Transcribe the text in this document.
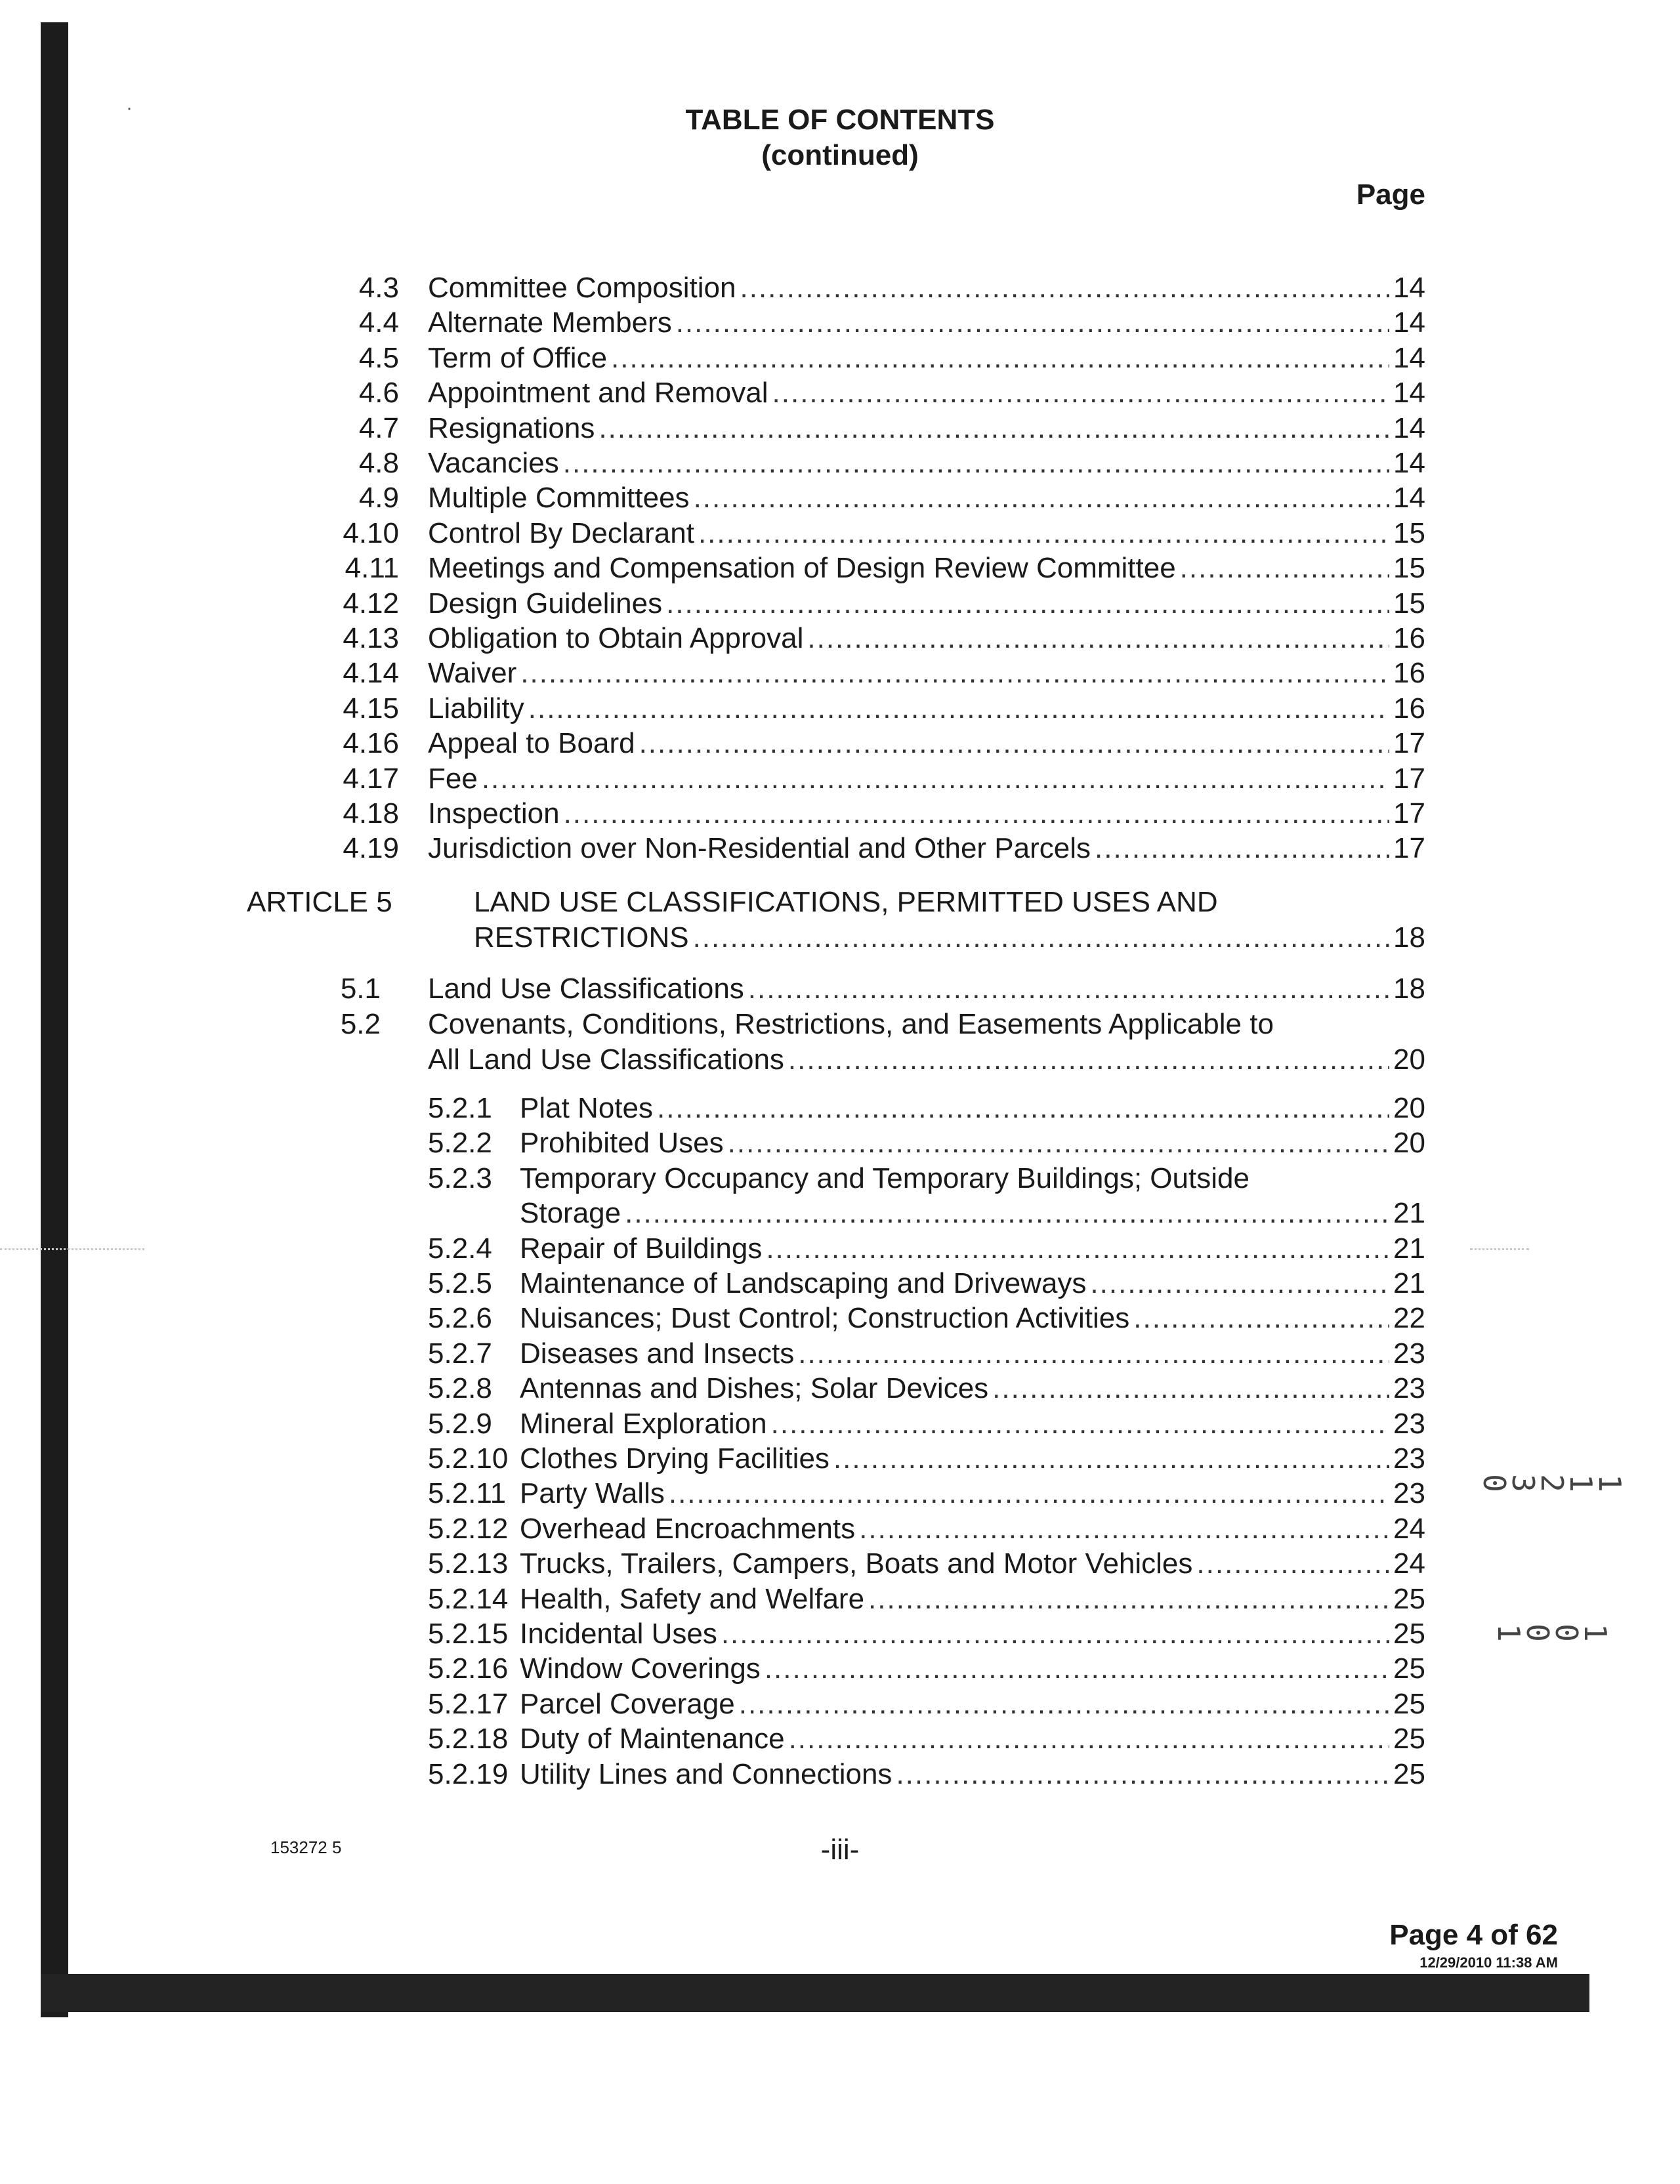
·	TABLE OF CONTENTS
(continued)
Page
4.3 Committee Composition .....	14
4.4 Alternate Members .....	14
4.5 Term of Office .....	14
4.6 Appointment and Removal .....	14
4.7 Resignations .....	14
4.8 Vacancies .....	14
4.9 Multiple Committees .....	14
4.10 Control By Declarant .....	15
4.11 Meetings and Compensation of Design Review Committee .....	15
4.12 Design Guidelines .....	15
4.13 Obligation to Obtain Approval .....	16
4.14 Waiver .....	16
4.15 Liability .....	16
4.16 Appeal to Board .....	17
4.17 Fee .....	17
4.18 Inspection .....	17
4.19 Jurisdiction over Non-Residential and Other Parcels .....	17
ARTICLE 5	LAND USE CLASSIFICATIONS, PERMITTED USES AND
RESTRICTIONS .....	18
5.1 Land Use Classifications .....	18
5.2 Covenants, Conditions, Restrictions, and Easements Applicable to
All Land Use Classifications .....	20
5.2.1 Plat Notes .....	20
5.2.2 Prohibited Uses .....	20
5.2.3 Temporary Occupancy and Temporary Buildings; Outside
Storage .....	21
5.2.4 Repair of Buildings .....	21
5.2.5 Maintenance of Landscaping and Driveways .....	21
5.2.6 Nuisances; Dust Control; Construction Activities .....	22
5.2.7 Diseases and Insects .....	23
5.2.8 Antennas and Dishes; Solar Devices .....	23
5.2.9 Mineral Exploration .....	23
5.2.10 Clothes Drying Facilities .....	23
5.2.11 Party Walls .....	23
5.2.12 Overhead Encroachments .....	24
5.2.13 Trucks, Trailers, Campers, Boats and Motor Vehicles .....	24
5.2.14 Health, Safety and Welfare .....	25
5.2.15 Incidental Uses .....	25
5.2.16 Window Coverings .....	25
5.2.17 Parcel Coverage .....	25
5.2.18 Duty of Maintenance .....	25
5.2.19 Utility Lines and Connections .....	25
153272 5	-iii-
Page 4 of 62
12/29/2010 11:38 AM
1 1 2 3 0
1 0 0 1
